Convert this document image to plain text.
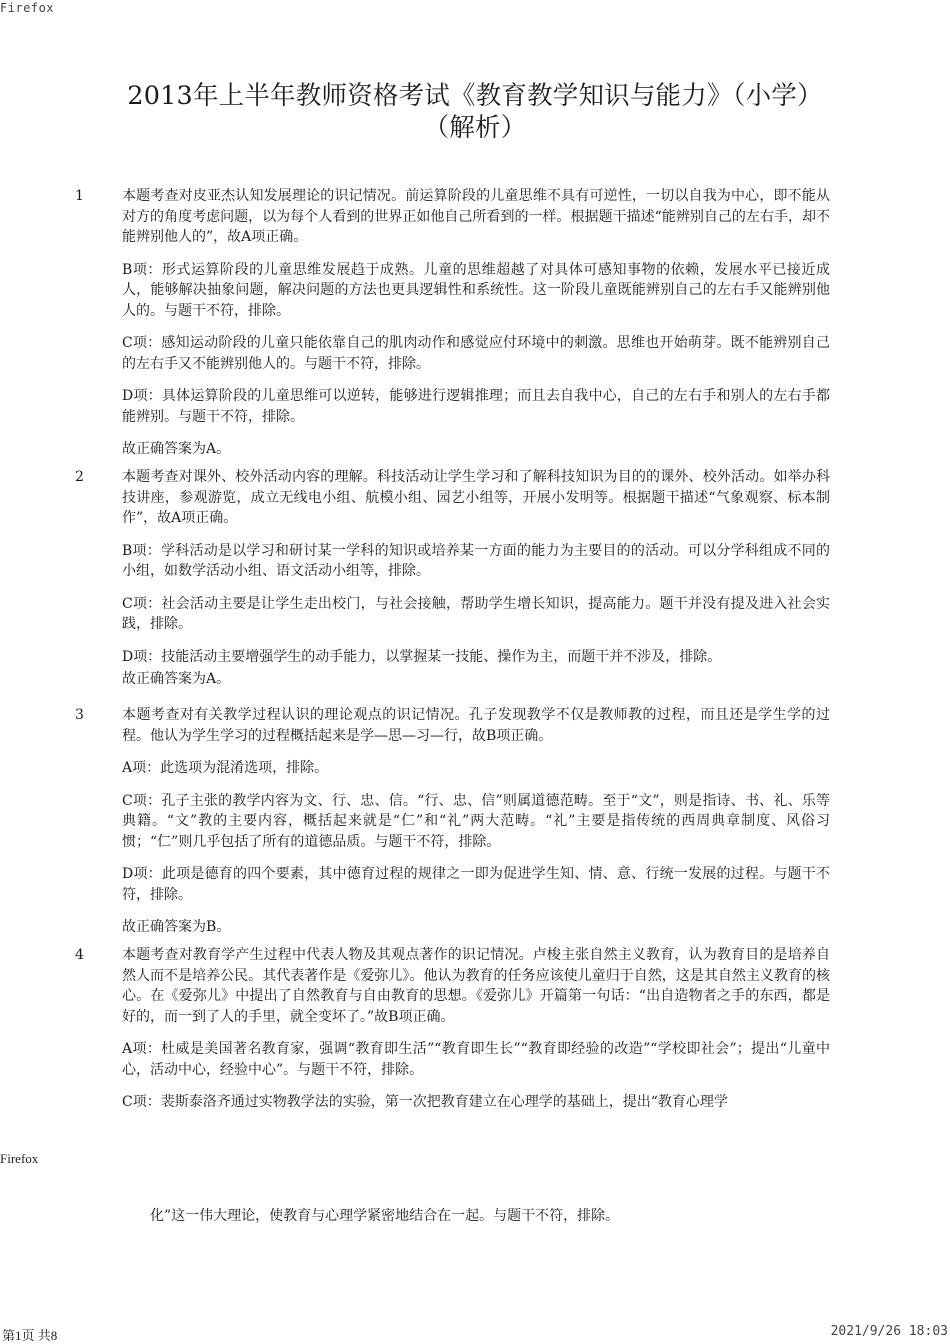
Firefox
2013年上半年教师资格考试《教育教学知识与能力》（小学）
（解析）
1	本题考查对皮亚杰认知发展理论的识记情况。前运算阶段的儿童思维不具有可逆性，一切以自我为中心，即不能从对方的角度考虑问题，以为每个人看到的世界正如他自己所看到的一样。根据题干描述“能辨别自己的左右手，却不能辨别他人的”，故A项正确。

B项：形式运算阶段的儿童思维发展趋于成熟。儿童的思维超越了对具体可感知事物的依赖，发展水平已接近成人，能够解决抽象问题，解决问题的方法也更具逻辑性和系统性。这一阶段儿童既能辨别自己的左右手又能辨别他人的。与题干不符，排除。

C项：感知运动阶段的儿童只能依靠自己的肌肉动作和感觉应付环境中的刺激。思维也开始萌芽。既不能辨别自己的左右手又不能辨别他人的。与题干不符，排除。

D项：具体运算阶段的儿童思维可以逆转，能够进行逻辑推理；而且去自我中心，自己的左右手和别人的左右手都能辨别。与题干不符，排除。

故正确答案为A。

2	本题考查对课外、校外活动内容的理解。科技活动让学生学习和了解科技知识为目的的课外、校外活动。如举办科技讲座，参观游览，成立无线电小组、航模小组、园艺小组等，开展小发明等。根据题干描述“气象观察、标本制作”，故A项正确。

B项：学科活动是以学习和研讨某一学科的知识或培养某一方面的能力为主要目的的活动。可以分学科组成不同的小组，如数学活动小组、语文活动小组等，排除。

C项：社会活动主要是让学生走出校门，与社会接触，帮助学生增长知识，提高能力。题干并没有提及进入社会实践，排除。

D项：技能活动主要增强学生的动手能力，以掌握某一技能、操作为主，而题干并不涉及，排除。

故正确答案为A。

3	本题考查对有关教学过程认识的理论观点的识记情况。孔子发现教学不仅是教师教的过程，而且还是学生学的过程。他认为学生学习的过程概括起来是学—思—习—行，故B项正确。

A项：此选项为混淆选项，排除。

C项：孔子主张的教学内容为文、行、忠、信。“行、忠、信”则属道德范畴。至于“文”，则是指诗、书、礼、乐等典籍。“文”教的主要内容，概括起来就是“仁”和“礼”两大范畴。“礼”主要是指传统的西周典章制度、风俗习惯；“仁”则几乎包括了所有的道德品质。与题干不符，排除。

D项：此项是德育的四个要素，其中德育过程的规律之一即为促进学生知、情、意、行统一发展的过程。与题干不符，排除。

故正确答案为B。

4	本题考查对教育学产生过程中代表人物及其观点著作的识记情况。卢梭主张自然主义教育，认为教育目的是培养自然人而不是培养公民。其代表著作是《爱弥儿》。他认为教育的任务应该使儿童归于自然，这是其自然主义教育的核心。在《爱弥儿》中提出了自然教育与自由教育的思想。《爱弥儿》开篇第一句话：“出自造物者之手的东西，都是好的，而一到了人的手里，就全变坏了。”故B项正确。

A项：杜威是美国著名教育家，强调“教育即生活”“教育即生长”“教育即经验的改造”“学校即社会”；提出“儿童中心，活动中心，经验中心”。与题干不符，排除。

C项：裴斯泰洛齐通过实物教学法的实验，第一次把教育建立在心理学的基础上，提出“教育心理学

Firefox
化”这一伟大理论，使教育与心理学紧密地结合在一起。与题干不符，排除。
第1页 共8	2021/9/26 18:03
